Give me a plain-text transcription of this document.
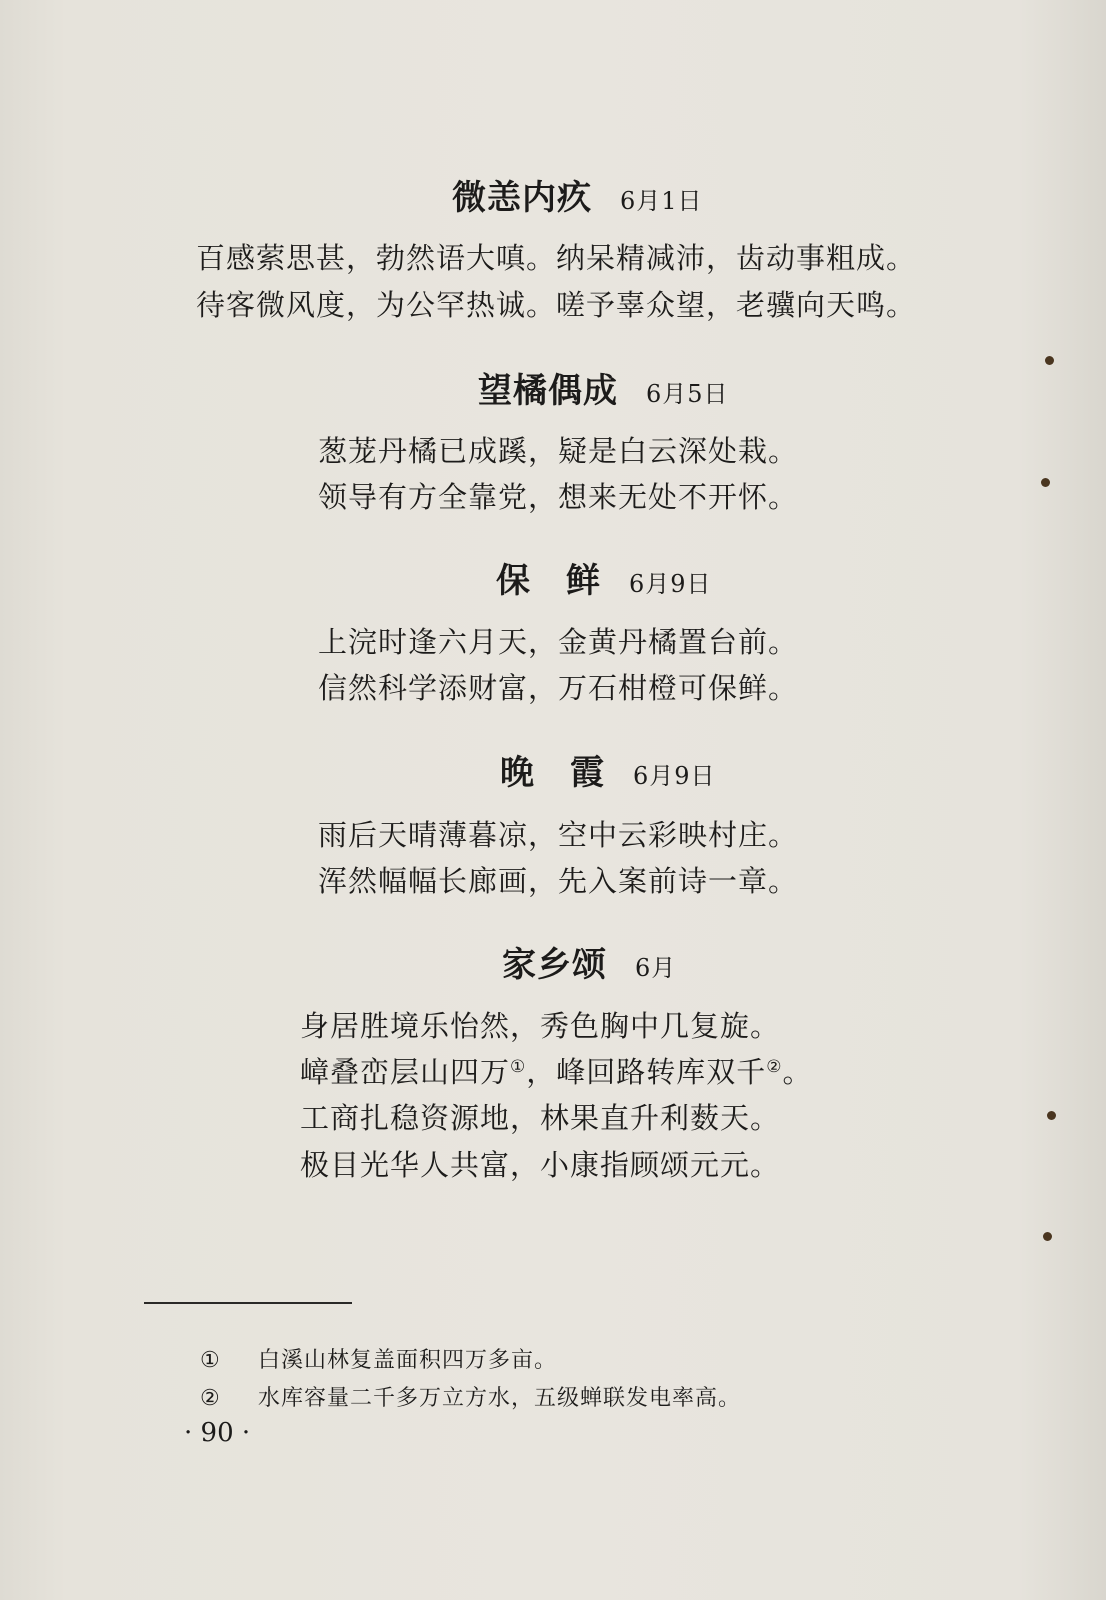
微恙内疚 6月1日
百感萦思甚，勃然语大嗔。纳呆精减沛，齿动事粗成。
待客微风度，为公罕热诚。嗟予辜众望，老骥向天鸣。
望橘偶成 6月5日
葱茏丹橘已成蹊，疑是白云深处栽。
领导有方全靠党，想来无处不开怀。
保　鲜 6月9日
上浣时逢六月天，金黄丹橘置台前。
信然科学添财富，万石柑橙可保鲜。
晚　霞 6月9日
雨后天晴薄暮凉，空中云彩映村庄。
浑然幅幅长廊画，先入案前诗一章。
家乡颂 6月
身居胜境乐怡然，秀色胸中几复旋。
嶂叠峦层山四万①，峰回路转库双千②。
工商扎稳资源地，林果直升利薮天。
极目光华人共富，小康指顾颂元元。
① 白溪山林复盖面积四万多亩。
② 水库容量二千多万立方水，五级蝉联发电率高。
· 90 ·
